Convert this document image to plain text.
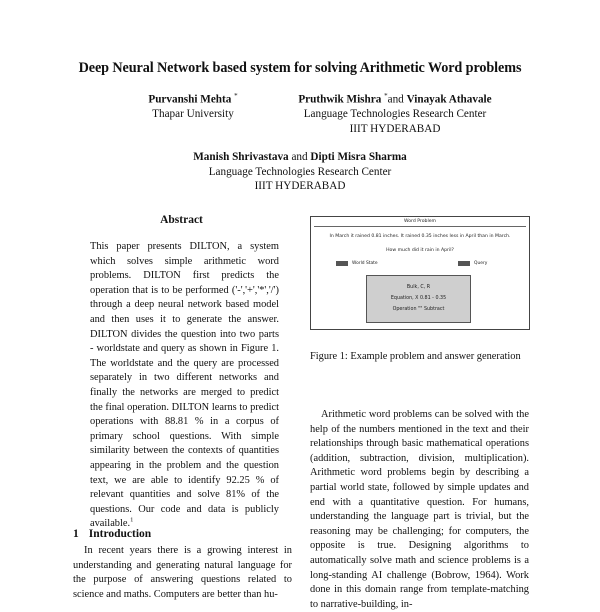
Deep Neural Network based system for solving Arithmetic Word problems
Purvanshi Mehta *
Thapar University
Pruthwik Mishra *and Vinayak Athavale
Language Technologies Research Center
IIIT HYDERABAD
Manish Shrivastava and Dipti Misra Sharma
Language Technologies Research Center
IIIT HYDERABAD
Abstract
This paper presents DILTON, a system which solves simple arithmetic word problems. DILTON first predicts the operation that is to be performed ('-','+','*','/') through a deep neural network based model and then uses it to generate the answer. DILTON divides the question into two parts - worldstate and query as shown in Figure 1. The worldstate and the query are processed separately in two different networks and finally the networks are merged to predict the final operation. DILTON learns to predict operations with 88.81 % in a corpus of primary school questions. With simple similarity between the contexts of quantities appearing in the problem and the question text, we are able to identify 92.25 % of relevant quantities and solve 81% of the questions. Our code and data is publicly available.$^1$
1 Introduction
In recent years there is a growing interest in understanding and generating natural language for the purpose of answering questions related to science and maths. Computers are better than hu-
Word Problem
In March it rained 0.81 inches. It rained 0.35 inches less in April than in March.
How much did it rain in April?
World State	Query
Bulk, C, R
Equation, X 0.81 - 0.35
Operation "" Subtract
Figure 1: Example problem and answer generation
Arithmetic word problems can be solved with the help of the numbers mentioned in the text and their relationships through basic mathematical operations (addition, subtraction, division, multiplication). Arithmetic word problems begin by describing a partial world state, followed by simple updates and end with a quantitative question. For humans, understanding the language part is trivial, but the reasoning may be challenging; for computers, the opposite is true. Designing algorithms to automatically solve math and science problems is a long-standing AI challenge (Bobrow, 1964). Work done in this domain range from template-matching to narrative-building, in-
